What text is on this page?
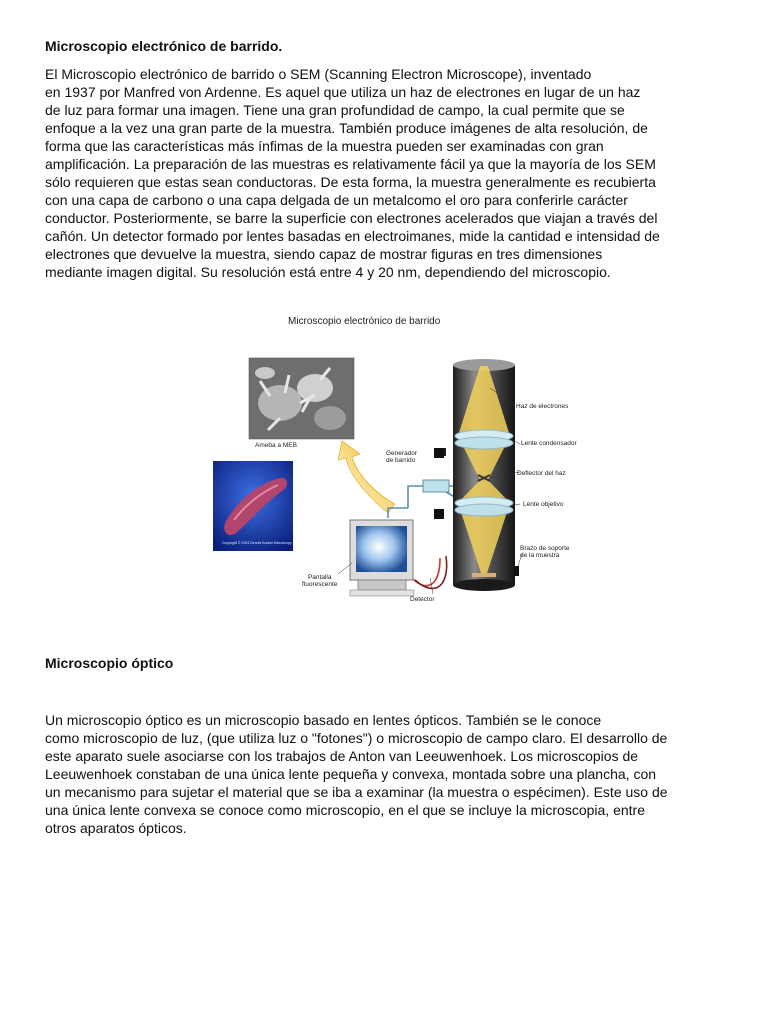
Microscopio electrónico de barrido.
El Microscopio electrónico de barrido o SEM (Scanning Electron Microscope), inventado
en 1937 por Manfred von Ardenne. Es aquel que utiliza un haz de electrones en lugar de un haz
de luz para formar una imagen. Tiene una gran profundidad de campo, la cual permite que se
enfoque a la vez una gran parte de la muestra. También produce imágenes de alta resolución, de
forma que las características más ínfimas de la muestra pueden ser examinadas con gran
amplificación. La preparación de las muestras es relativamente fácil ya que la mayoría de los SEM
sólo requieren que estas sean conductoras. De esta forma, la muestra generalmente es recubierta
con una capa de carbono o una capa delgada de un metalcomo el oro para conferirle carácter
conductor. Posteriormente, se barre la superficie con electrones acelerados que viajan a través del
cañón. Un detector formado por lentes basadas en electroimanes, mide la cantidad e intensidad de
electrones que devuelve la muestra, siendo capaz de mostrar figuras en tres dimensiones
mediante imagen digital. Su resolución está entre 4 y 20 nm, dependiendo del microscopio.
Microscopio electrónico de barrido
Ameba a MEB
Generador
de barrido
Haz de electrones
Lente condensador
Deflector del haz
Lente objetivo
Brazo de soporte
de la muestra
Pantalla
fluorescente
Detector
Copyright © 2004 Dennis Kunkel Microscopy
Microscopio óptico
Un microscopio óptico es un microscopio basado en lentes ópticos. También se le conoce
como microscopio de luz, (que utiliza luz o "fotones") o microscopio de campo claro. El desarrollo de
este aparato suele asociarse con los trabajos de Anton van Leeuwenhoek. Los microscopios de
Leeuwenhoek constaban de una única lente pequeña y convexa, montada sobre una plancha, con
un mecanismo para sujetar el material que se iba a examinar (la muestra o espécimen). Este uso de
una única lente convexa se conoce como microscopio, en el que se incluye la microscopia, entre
otros aparatos ópticos.
